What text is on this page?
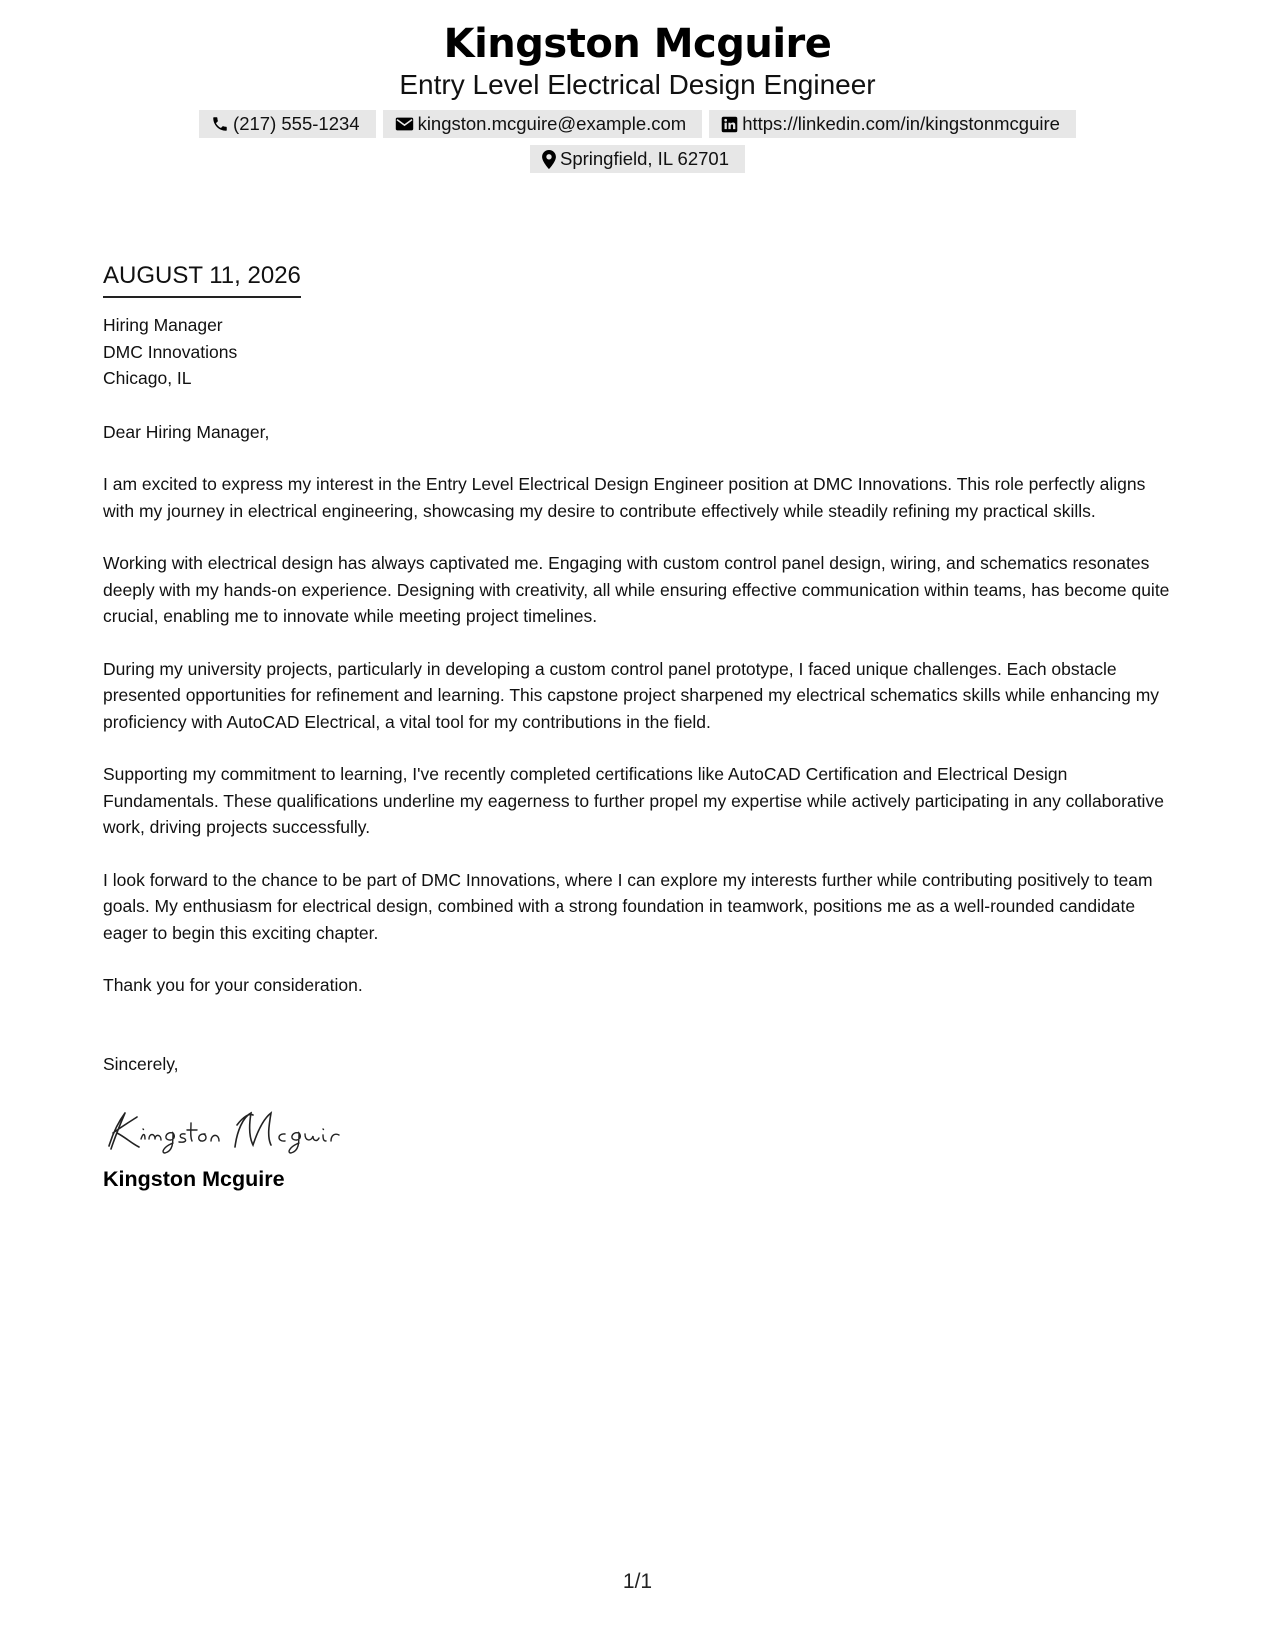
Kingston Mcguire
Entry Level Electrical Design Engineer
(217) 555-1234	kingston.mcguire@example.com	https://linkedin.com/in/kingstonmcguire
Springfield, IL 62701
AUGUST 11, 2026
Hiring Manager
DMC Innovations
Chicago, IL
Dear Hiring Manager,
I am excited to express my interest in the Entry Level Electrical Design Engineer position at DMC Innovations. This role perfectly aligns with my journey in electrical engineering, showcasing my desire to contribute effectively while steadily refining my practical skills.
Working with electrical design has always captivated me. Engaging with custom control panel design, wiring, and schematics resonates deeply with my hands-on experience. Designing with creativity, all while ensuring effective communication within teams, has become quite crucial, enabling me to innovate while meeting project timelines.
During my university projects, particularly in developing a custom control panel prototype, I faced unique challenges. Each obstacle presented opportunities for refinement and learning. This capstone project sharpened my electrical schematics skills while enhancing my proficiency with AutoCAD Electrical, a vital tool for my contributions in the field.
Supporting my commitment to learning, I've recently completed certifications like AutoCAD Certification and Electrical Design Fundamentals. These qualifications underline my eagerness to further propel my expertise while actively participating in any collaborative work, driving projects successfully.
I look forward to the chance to be part of DMC Innovations, where I can explore my interests further while contributing positively to team goals. My enthusiasm for electrical design, combined with a strong foundation in teamwork, positions me as a well-rounded candidate eager to begin this exciting chapter.
Thank you for your consideration.
Sincerely,
Kingston Mcguire
1/1
